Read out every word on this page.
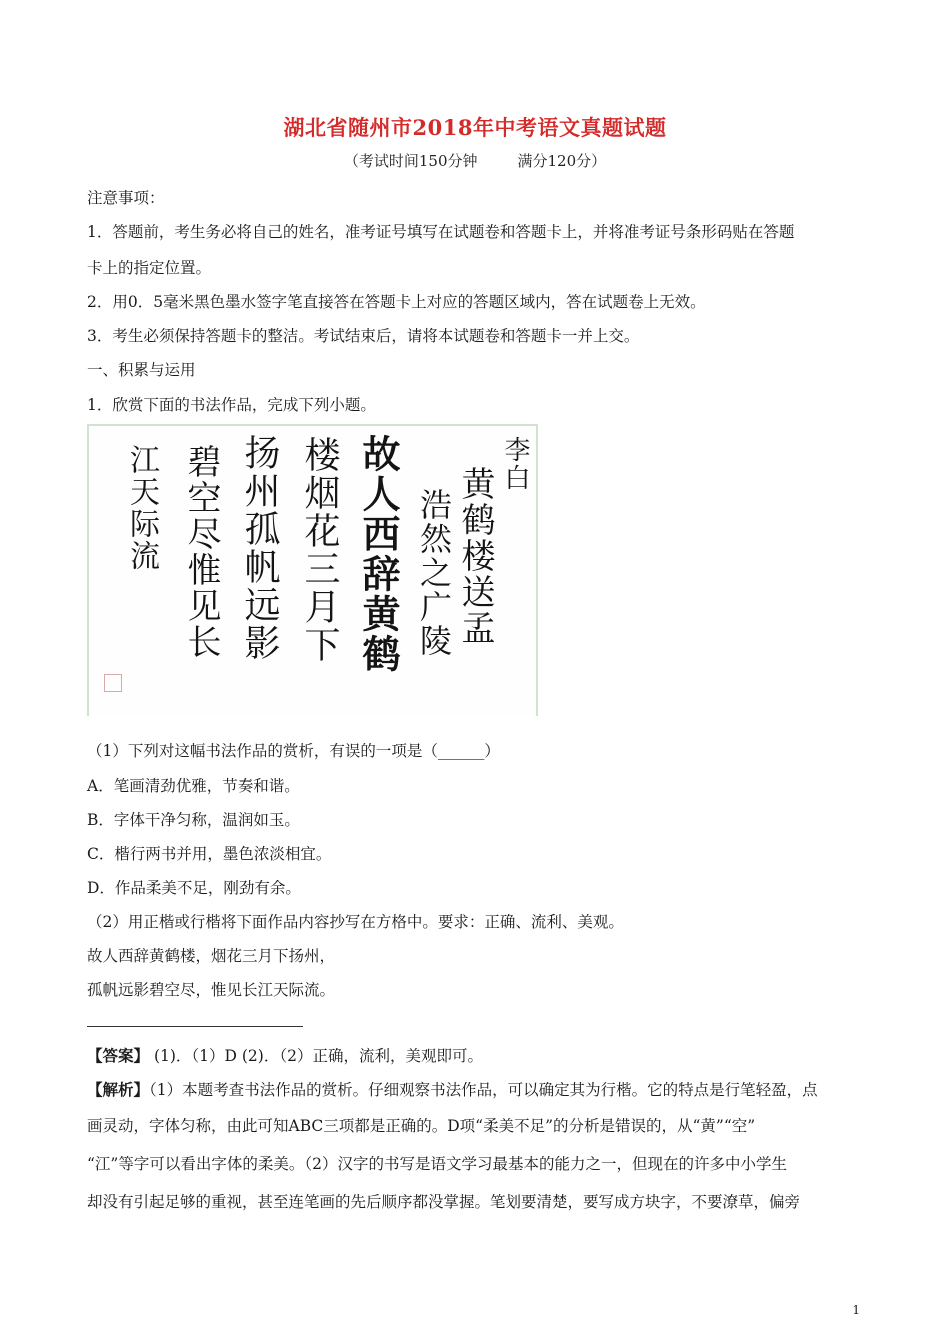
湖北省随州市2018年中考语文真题试题
（考试时间150分钟	满分120分）
注意事项：
1．答题前，考生务必将自己的姓名，准考证号填写在试题卷和答题卡上，并将准考证号条形码贴在答题
卡上的指定位置。
2．用0．5毫米黑色墨水签字笔直接答在答题卡上对应的答题区域内，答在试题卷上无效。
3．考生必须保持答题卡的整洁。考试结束后，请将本试题卷和答题卡一并上交。
一、积累与运用
1．欣赏下面的书法作品，完成下列小题。
李白
黄鹤楼送孟
浩然之广陵
故人西辞黄鹤
楼烟花三月下
扬州孤帆远影
碧空尽惟见长
江天际流
（1）下列对这幅书法作品的赏析，有误的一项是（______）
A．笔画清劲优雅，节奏和谐。
B．字体干净匀称，温润如玉。
C．楷行两书并用，墨色浓淡相宜。
D．作品柔美不足，刚劲有余。
（2）用正楷或行楷将下面作品内容抄写在方格中。要求：正确、流利、美观。
故人西辞黄鹤楼，烟花三月下扬州，
孤帆远影碧空尽，惟见长江天际流。
【答案】 (1)．（1）D (2)．（2）正确，流利，美观即可。
【解析】（1）本题考查书法作品的赏析。仔细观察书法作品，可以确定其为行楷。它的特点是行笔轻盈，点
画灵动，字体匀称，由此可知ABC三项都是正确的。D项“柔美不足”的分析是错误的，从“黄”“空”
“江”等字可以看出字体的柔美。（2）汉字的书写是语文学习最基本的能力之一，但现在的许多中小学生
却没有引起足够的重视，甚至连笔画的先后顺序都没掌握。笔划要清楚，要写成方块字，不要潦草，偏旁
1
